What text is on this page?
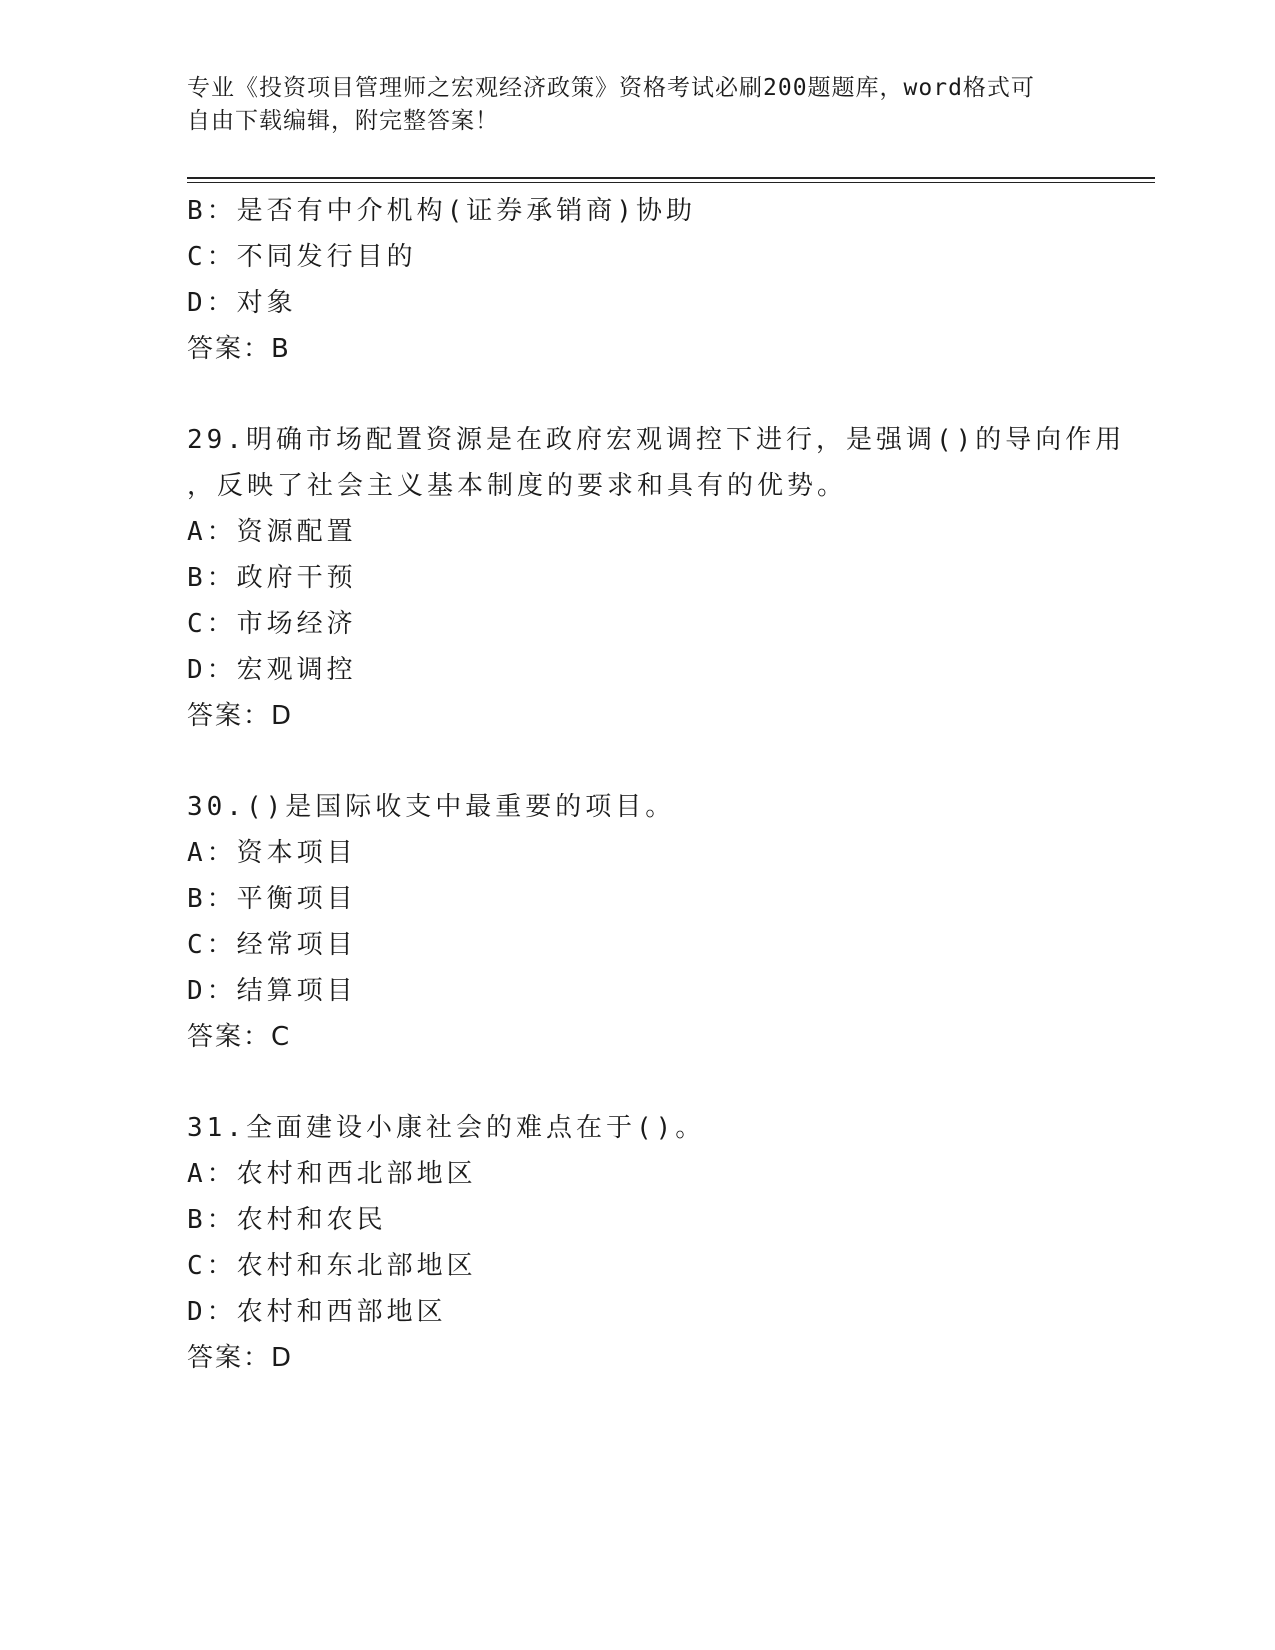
专业《投资项目管理师之宏观经济政策》资格考试必刷200题题库，word格式可
自由下载编辑，附完整答案！
B：是否有中介机构(证券承销商)协助
C：不同发行目的
D：对象
答案：B
29.明确市场配置资源是在政府宏观调控下进行，是强调()的导向作用
，反映了社会主义基本制度的要求和具有的优势。
A：资源配置
B：政府干预
C：市场经济
D：宏观调控
答案：D
30.()是国际收支中最重要的项目。
A：资本项目
B：平衡项目
C：经常项目
D：结算项目
答案：C
31.全面建设小康社会的难点在于()。
A：农村和西北部地区
B：农村和农民
C：农村和东北部地区
D：农村和西部地区
答案：D
